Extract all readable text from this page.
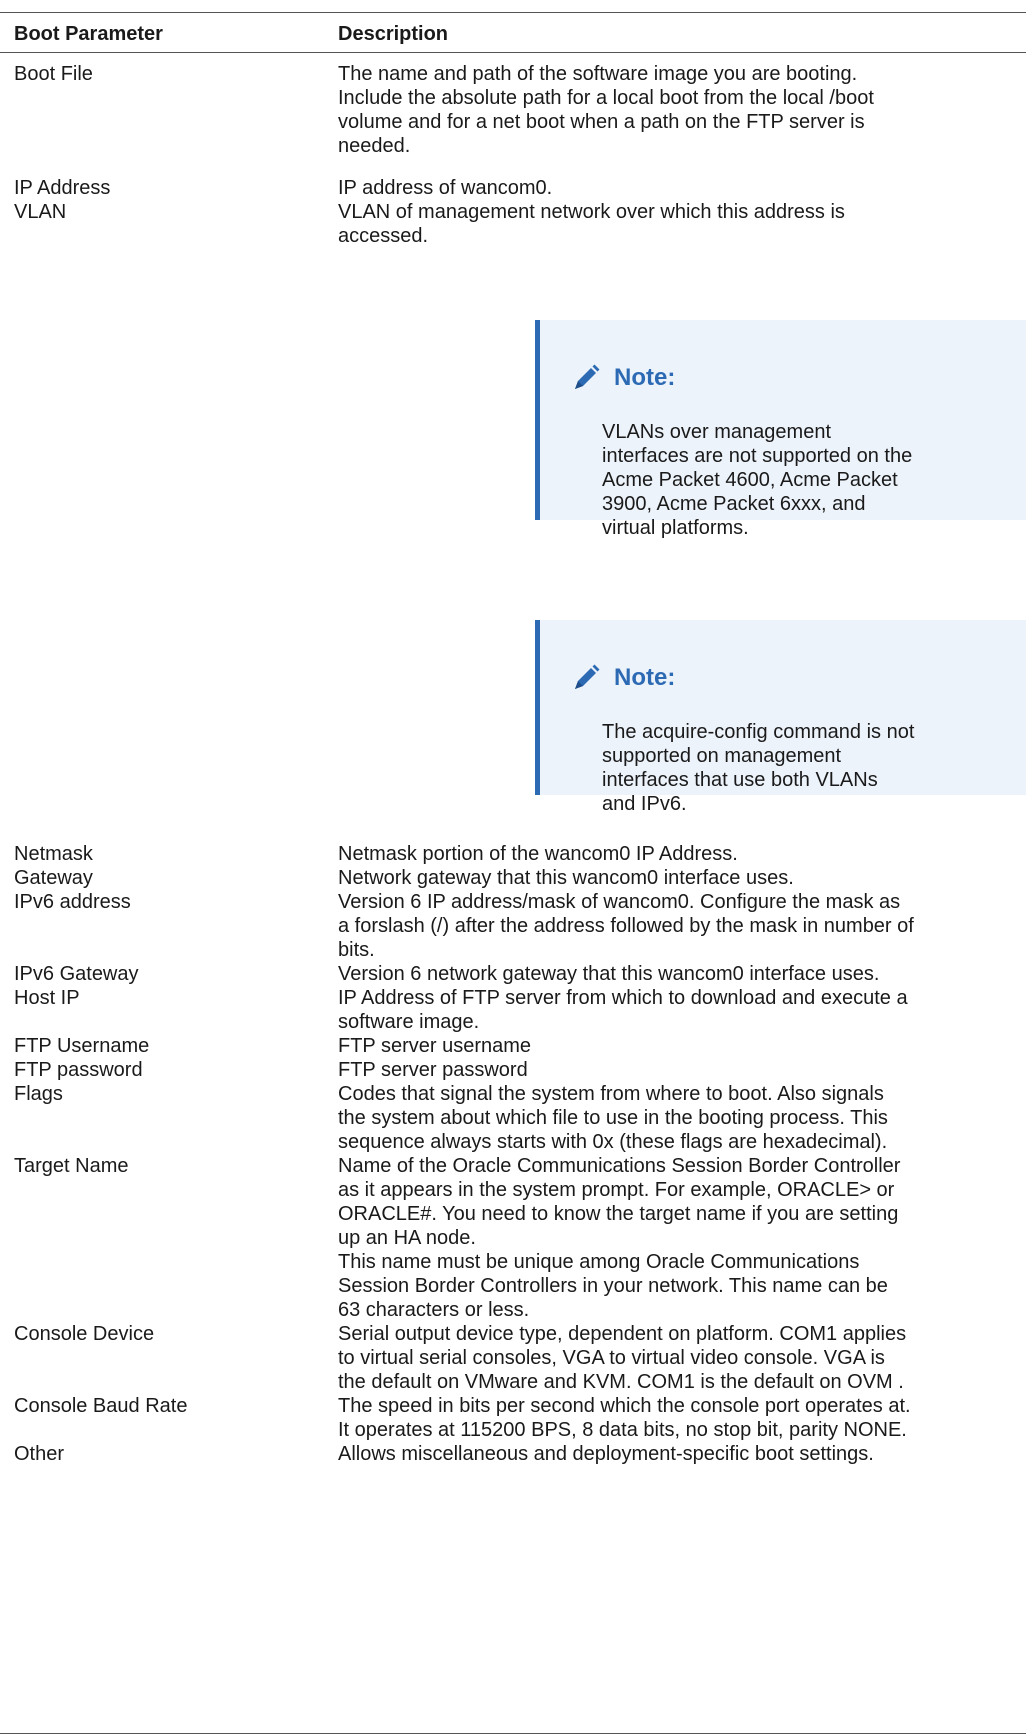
Boot Parameter	Description
Boot File	The name and path of the software image you are booting.
Include the absolute path for a local boot from the local /boot
volume and for a net boot when a path on the FTP server is
needed.
IP Address	IP address of wancom0.
VLAN	VLAN of management network over which this address is
accessed.
Netmask	Netmask portion of the wancom0 IP Address.
Gateway	Network gateway that this wancom0 interface uses.
IPv6 address	Version 6 IP address/mask of wancom0. Configure the mask as
a forslash (/) after the address followed by the mask in number of
bits.
IPv6 Gateway	Version 6 network gateway that this wancom0 interface uses.
Host IP	IP Address of FTP server from which to download and execute a
software image.
FTP Username	FTP server username
FTP password	FTP server password
Flags	Codes that signal the system from where to boot. Also signals
the system about which file to use in the booting process. This
sequence always starts with 0x (these flags are hexadecimal).
Target Name	Name of the Oracle Communications Session Border Controller
as it appears in the system prompt. For example, ORACLE> or
ORACLE#. You need to know the target name if you are setting
up an HA node.
This name must be unique among Oracle Communications
Session Border Controllers in your network. This name can be
63 characters or less.
Console Device	Serial output device type, dependent on platform. COM1 applies
to virtual serial consoles, VGA to virtual video console. VGA is
the default on VMware and KVM. COM1 is the default on OVM .
Console Baud Rate	The speed in bits per second which the console port operates at.
It operates at 115200 BPS, 8 data bits, no stop bit, parity NONE.
Other	Allows miscellaneous and deployment-specific boot settings.
Note:
VLANs over management
interfaces are not supported on the
Acme Packet 4600, Acme Packet
3900, Acme Packet 6xxx, and
virtual platforms.
Note:
The acquire-config command is not
supported on management
interfaces that use both VLANs
and IPv6.
